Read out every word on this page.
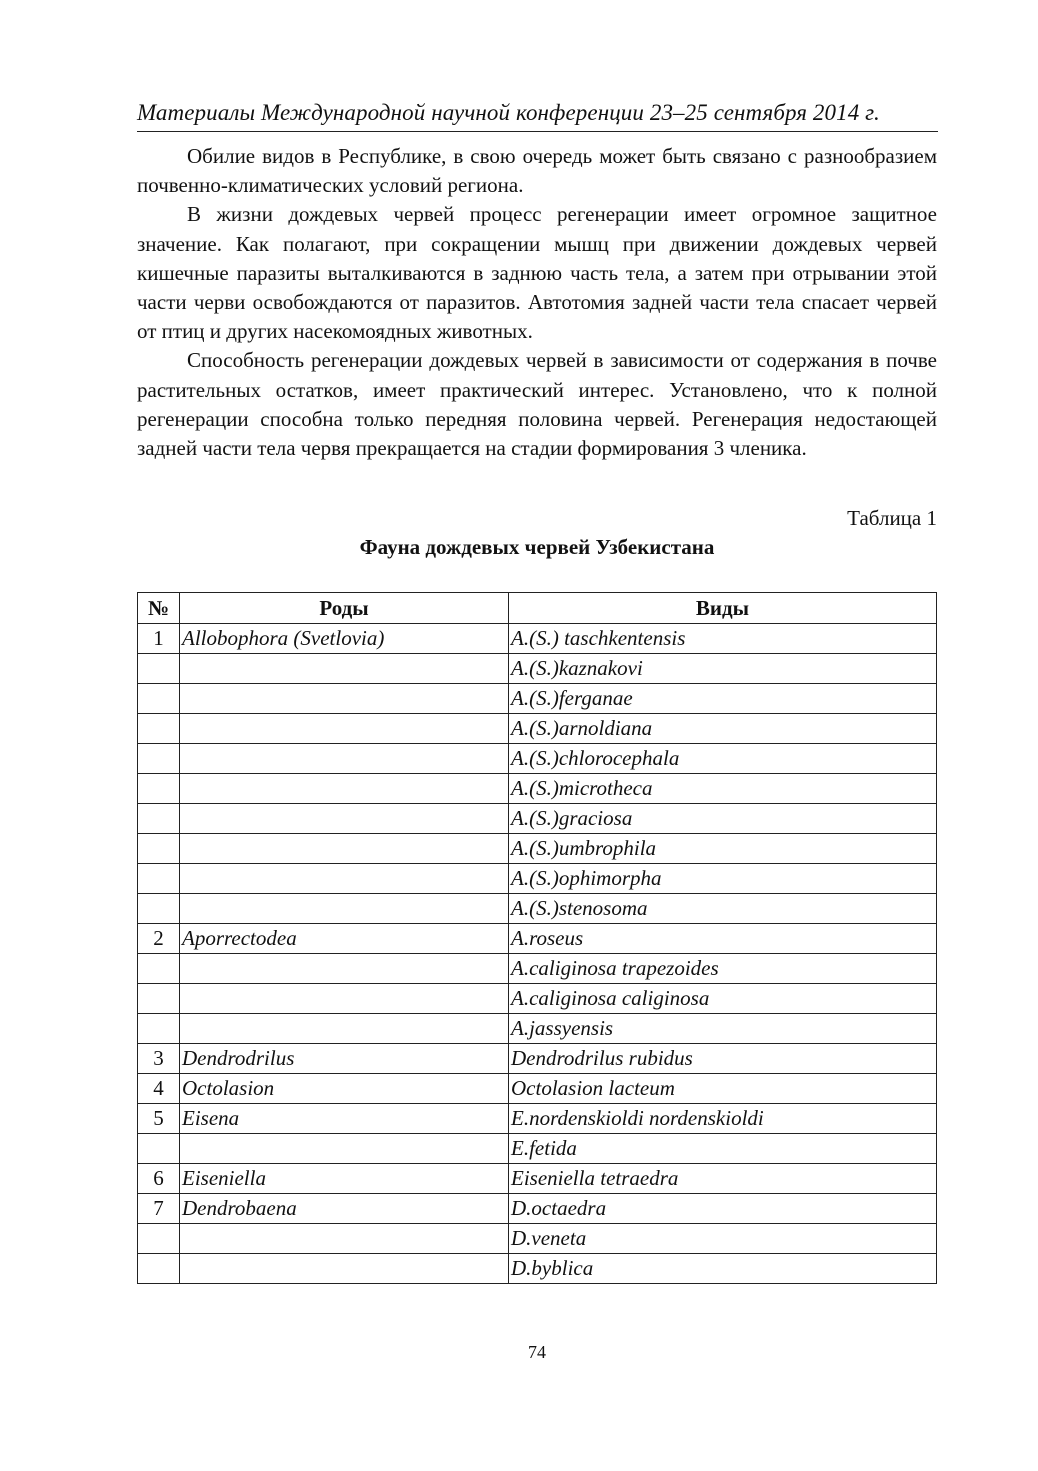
Материалы Международной научной конференции 23–25 сентября 2014 г.

Обилие видов в Республике, в свою очередь может быть связано с разнообразием почвенно-климатических условий региона.

В жизни дождевых червей процесс регенерации имеет огромное защитное значение. Как полагают, при сокращении мышц при движении дождевых червей кишечные паразиты выталкиваются в заднюю часть тела, а затем при отрывании этой части черви освобождаются от паразитов. Автотомия задней части тела спасает червей от птиц и других насекомоядных животных.

Способность регенерации дождевых червей в зависимости от содержания в почве растительных остатков, имеет практический интерес. Установлено, что к полной регенерации способна только передняя половина червей. Регенерация недостающей задней части тела червя прекращается на стадии формирования 3 членика.

Таблица 1
Фауна дождевых червей Узбекистана
№	Роды	Виды
1	Allobophora (Svetlovia)	A.(S.) taschkentensis
		A.(S.)kaznakovi
		A.(S.)ferganae
		A.(S.)arnoldiana
		A.(S.)chlorocephala
		A.(S.)microtheca
		A.(S.)graciosa
		A.(S.)umbrophila
		A.(S.)ophimorpha
		A.(S.)stenosoma
2	Aporrectodea	A.roseus
		A.caliginosa trapezoides
		A.caliginosa caliginosa
		A.jassyensis
3	Dendrodrilus	Dendrodrilus rubidus
4	Octolasion	Octolasion lacteum
5	Eisena	E.nordenskioldi nordenskioldi
		E.fetida
6	Eiseniella	Eiseniella tetraedra
7	Dendrobaena	D.octaedra
		D.veneta
		D.byblica
74
